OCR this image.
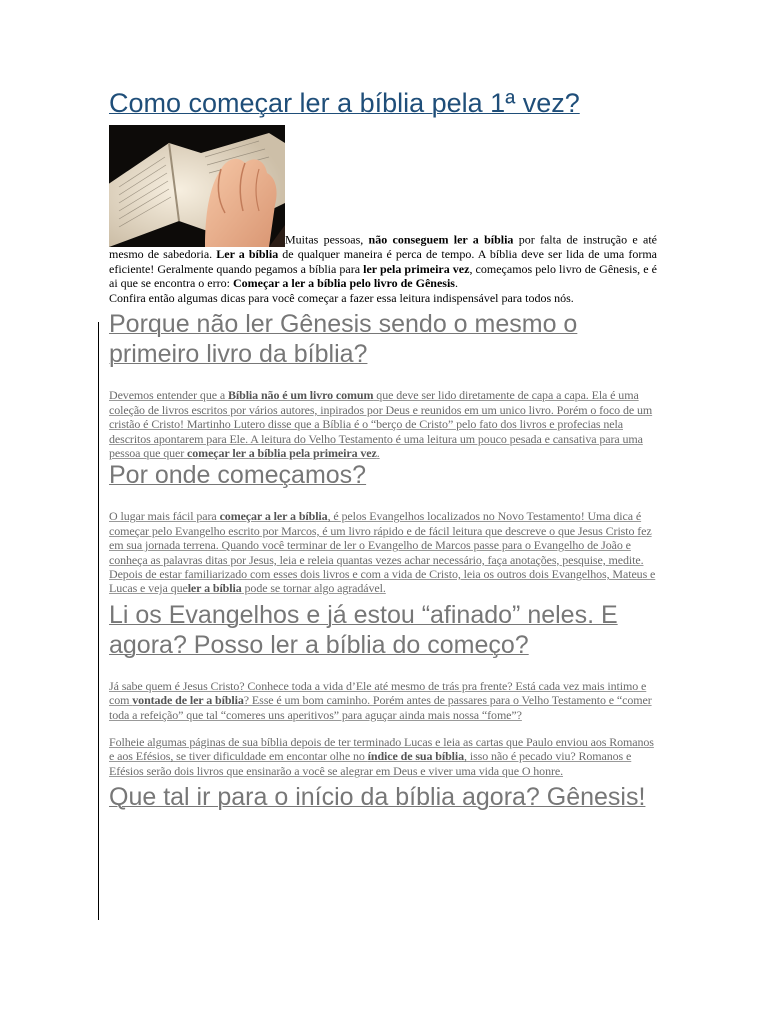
Como começar ler a bíblia pela 1ª vez?

Muitas pessoas, não conseguem ler a bíblia por falta de instrução e até mesmo de sabedoria. Ler a bíblia de qualquer maneira é perca de tempo. A bíblia deve ser lida de uma forma eficiente! Geralmente quando pegamos a bíblia para ler pela primeira vez, começamos pelo livro de Gênesis, e é ai que se encontra o erro: Começar a ler a bíblia pelo livro de Gênesis.

Confira então algumas dicas para você começar a fazer essa leitura indispensável para todos nós.

Porque não ler Gênesis sendo o mesmo o primeiro livro da bíblia?

Devemos entender que a Bíblia não é um livro comum que deve ser lido diretamente de capa a capa. Ela é uma coleção de livros escritos por vários autores, inpirados por Deus e reunidos em um unico livro. Porém o foco de um cristão é Cristo! Martinho Lutero disse que a Bíblia é o “berço de Cristo” pelo fato dos livros e profecias nela descritos apontarem para Ele. A leitura do Velho Testamento é uma leitura um pouco pesada e cansativa para uma pessoa que quer começar ler a bíblia pela primeira vez.

Por onde começamos?

O lugar mais fácil para começar a ler a bíblia, é pelos Evangelhos localizados no Novo Testamento! Uma dica é começar pelo Evangelho escrito por Marcos, é um livro rápido e de fácil leitura que descreve o que Jesus Cristo fez em sua jornada terrena. Quando você terminar de ler o Evangelho de Marcos passe para o Evangelho de João e conheça as palavras ditas por Jesus, leia e releia quantas vezes achar necessário, faça anotações, pesquise, medite. Depois de estar familiarizado com esses dois livros e com a vida de Cristo, leia os outros dois Evangelhos, Mateus e Lucas e veja queler a bíblia pode se tornar algo agradável.

Li os Evangelhos e já estou “afinado” neles. E agora? Posso ler a bíblia do começo?

Já sabe quem é Jesus Cristo? Conhece toda a vida d’Ele até mesmo de trás pra frente? Está cada vez mais intimo e com vontade de ler a bíblia? Esse é um bom caminho. Porém antes de passares para o Velho Testamento e “comer toda a refeição” que tal “comeres uns aperitivos” para aguçar ainda mais nossa “fome”?

Folheie algumas páginas de sua bíblia depois de ter terminado Lucas e leia as cartas que Paulo enviou aos Romanos e aos Efésios, se tiver dificuldade em encontar olhe no índice de sua bíblia, isso não é pecado viu? Romanos e Efésios serão dois livros que ensinarão a você se alegrar em Deus e viver uma vida que O honre.

Que tal ir para o início da bíblia agora? Gênesis!
